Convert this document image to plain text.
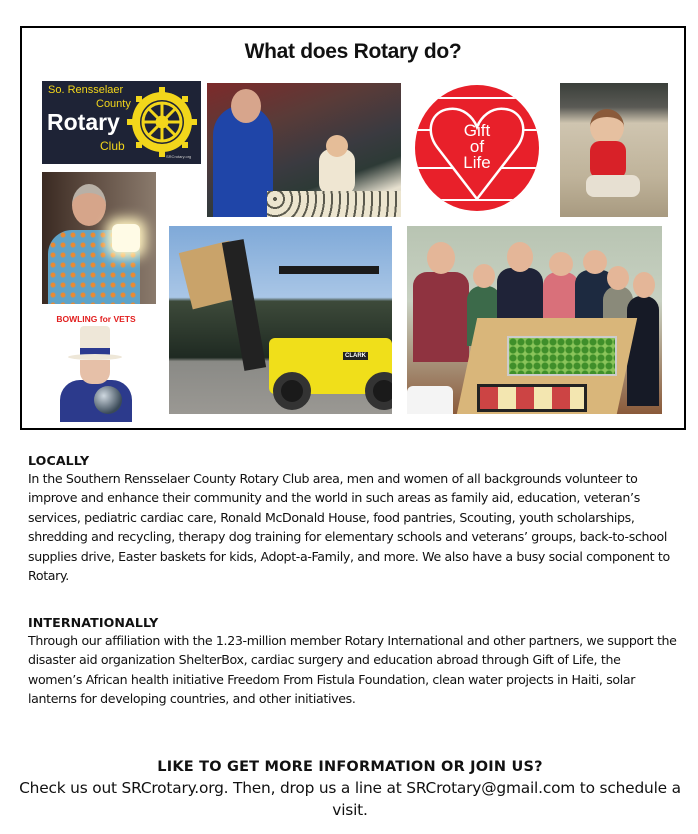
What does Rotary do?
So. Rensselaer
County
Rotary
Club
SRCrotary.org
Gift
of
Life
BOWLING for VETS
CLARK
LOCALLY

In the Southern Rensselaer County Rotary Club area, men and women of all backgrounds volunteer to improve and enhance their community and the world in such areas as family aid, education, veteran’s services, pediatric cardiac care, Ronald McDonald House, food pantries, Scouting, youth scholarships, shredding and recycling, therapy dog training for elementary schools and veterans’ groups, back-to-school supplies drive, Easter baskets for kids, Adopt-a-Family, and more. We also have a busy social component to Rotary.

INTERNATIONALLY

Through our affiliation with the 1.23-million member Rotary International and other partners, we support the disaster aid organization ShelterBox, cardiac surgery and education abroad through Gift of Life, the women’s African health initiative Freedom From Fistula Foundation, clean water projects in Haiti, solar lanterns for developing countries, and other initiatives.

LIKE TO GET MORE INFORMATION OR JOIN US?

Check us out SRCrotary.org. Then, drop us a line at SRCrotary@gmail.com to schedule a visit.
